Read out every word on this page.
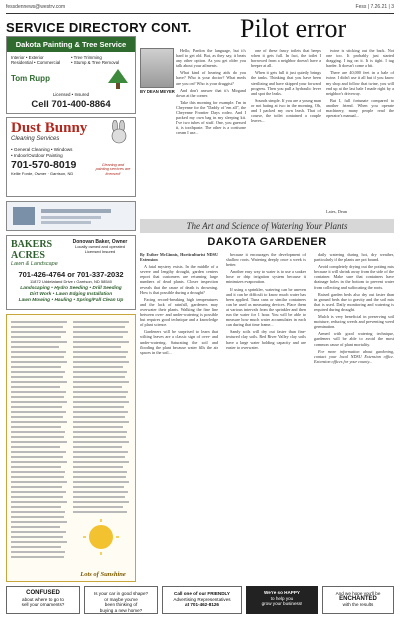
fessdennews@westrv.com	Fess | 7.26.21 | 3
SERVICE DIRECTORY CONT. Pilot error
Dakota Painting & Tree Service
Interior • Exterior
Residential • Commercial
• Tree Trimming
• Stump & Tree Removal
Tom Rupp
Licensed • Insured
Cell 701-400-8864
Dust Bunny
Cleaning Services
• General Cleaning • Windows
• Indoor/Outdoor Painting
701-570-8019
Kellie Forde, Owner · Garrison, ND
Cleaning and painting services are licensed!
BAKERS ACRES
Lawn & Landscape
Donovan Baker, Owner
Locally owned and operated
Licensed Insured
701-426-4764 or 701-337-2032
11872 Uddelatand Drive • Garrison, ND 58540
Landscaping • Hydro Seeding • Drill Seeding
Dirt Work • Lawn Edging Installation
Lawn Mowing • Hauling • Spring/Fall Clean Up
Lots of Sunshine
BY DEAN MEYER

Hello, Pardon the language, but it's hard to get old. But, as they say, it beats any other option. As you get older you talk about your ailments.

What kind of hearing aids do you have? Who is your doctor? What meds are you on? Who is your druggist?

And don't answer that it's Mirgand down at the corner.

Take this morning for example. I'm in Cheyenne for the "Daddy of 'em all", the Cheyenne Frontier Days rodeo. And I packed my own bag in my sleeping kit. I've two tubes of stuff. One, you guessed it, is toothpaste. The other is a cortisone cream I use...

one of these fancy toilets that beeps when it gets full. In fact, the toilet I borrowed from a neighbor doesn't have a beeper at all.

When it gets full it just quietly brings the tanks. Thinking that you have been sterilizing and have skipped your forward progress. Then you pull a hydraulic lever and spot the leaks.

Sounds simple. If you are a young man or not hating at two in the morning. Oh, and I packed my own leash. That of course, the toilet contained a couple leaves...

twine is sticking out the back. Not one too. It probably just started dragging. I tug on it. It is tight. I tug harder. It doesn't come a bit.

There are 40,000 feet in a bale of twine. I didn't use it all but if you know my shop and follow that twine, you will end up at the last bale I made right by a neighbor's driveway.

But I, full fortunate compared to another friend. When you operate machinery, many people read the operator's manual...

Lates, Dean
The Art and Science of Watering Your Plants
DAKOTA GARDENER

By Esther McGinnis, Horticulturist NDSU Extension

A fatal mystery exists. In the middle of a severe and lengthy drought, garden centers report that customers are returning large numbers of dead plants. Closer inspection reveals that the cause of death is drowning. How is that possible during a drought?

Facing record-breaking high temperatures and the lack of rainfall, gardeners may overwater their plants. Walking the fine line between over- and under-watering is possible but requires good technique and a knowledge of plant science.

Gardeners will be surprised to learn that wilting leaves are a classic sign of over- and under-watering. Saturating the soil and flooding the plant because water fills the air spaces in the soil...

because it encourages the development of shallow roots. Watering deeply once a week is better.

Another easy way to water is to use a soaker hose or drip irrigation system because it minimizes evaporation.

If using a sprinkler, watering can be uneven and it can be difficult to know much water has been applied. Tuna cans or similar containers can be used as measuring devices. Place them at various intervals from the sprinkler and then run the water for 1 hour. You will be able to measure how much water accumulates in each can during that time frame...

Sandy soils will dry out faster than fine-textured clay soils. Red River Valley clay soils have a large water holding capacity and are easier to overwater.

daily watering during hot, dry weather, particularly if the plants are pot bound.

Avoid completely drying out the potting mix because it will shrink away from the side of the container. Make sure that containers have drainage holes in the bottom to prevent water from collecting and suffocating the roots.

Raised garden beds also dry out faster than in ground beds due to gravity and the soil mix that is used. Daily monitoring and watering is required during drought.

Mulch is very beneficial in preserving soil moisture, reducing weeds and preventing weed germination.

Armed with good watering technique, gardeners will be able to avoid the most common cause of plant mortality.

For more information about gardening, contact your local NDSU Extension office. Extension offices for your county...

CONFUSED
about where to go to
sell your ornaments?
Is your car in good shape?
or maybe you've
been thinking of
buying a new home?
Call one of our FRIENDLY
Advertising Representatives
at 701-462-8126
We're so HAPPY
to help you
grow your business!
And we hope you'll be
ENCHANTED
with the results
